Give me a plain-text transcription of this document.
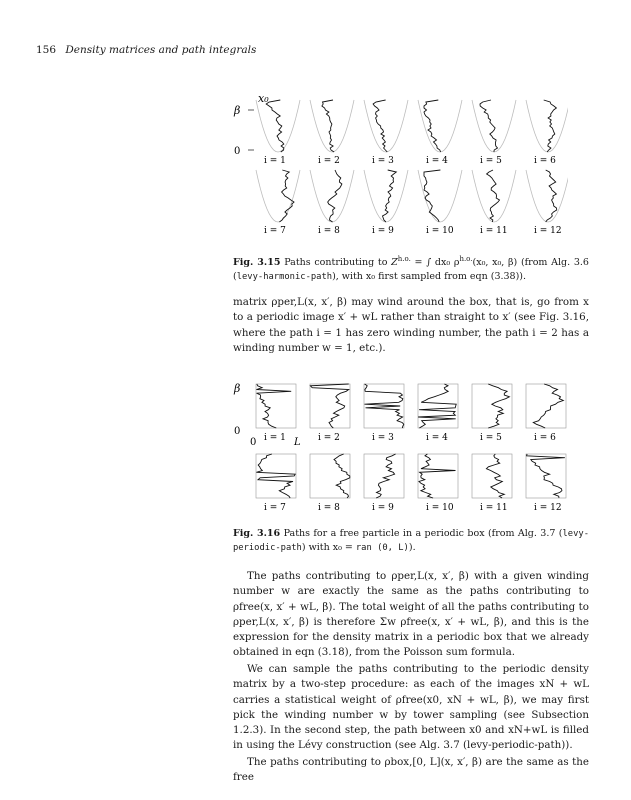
156 Density matrices and path integrals
x₀
β
0
i = 1	i = 2	i = 3	i = 4	i = 5	i = 6
i = 7	i = 8	i = 9	i = 10	i = 11	i = 12
Fig. 3.15 Paths contributing to $Z^{h.o.}$ = ∫ dx₀ $\rho^{h.o.}(x_0$, x₀, β) (from Alg. 3.6 (levy-harmonic-path), with x₀ first sampled from eqn (3.38)).

matrix ρper,L(x, x′, β) may wind around the box, that is, go from x to a periodic image x′ + wL rather than straight to x′ (see Fig. 3.16, where the path i = 1 has zero winding number, the path i = 2 has a winding number w = 1, etc.).

β
0
0	L
i = 1	i = 2	i = 3	i = 4	i = 5	i = 6
i = 7	i = 8	i = 9	i = 10	i = 11	i = 12
Fig. 3.16 Paths for a free particle in a periodic box (from Alg. 3.7 (levy-periodic-path) with x₀ = ran (0, L)).

The paths contributing to ρper,L(x, x′, β) with a given winding number w are exactly the same as the paths contributing to ρfree(x, x′ + wL, β). The total weight of all the paths contributing to ρper,L(x, x′, β) is therefore Σw ρfree(x, x′ + wL, β), and this is the expression for the density matrix in a periodic box that we already obtained in eqn (3.18), from the Poisson sum formula.

We can sample the paths contributing to the periodic density matrix by a two-step procedure: as each of the images xN + wL carries a statistical weight of ρfree(x0, xN + wL, β), we may first pick the winding number w by tower sampling (see Subsection 1.2.3). In the second step, the path between x0 and xN+wL is filled in using the Lévy construction (see Alg. 3.7 (levy-periodic-path)).

The paths contributing to ρbox,[0, L](x, x′, β) are the same as the free
